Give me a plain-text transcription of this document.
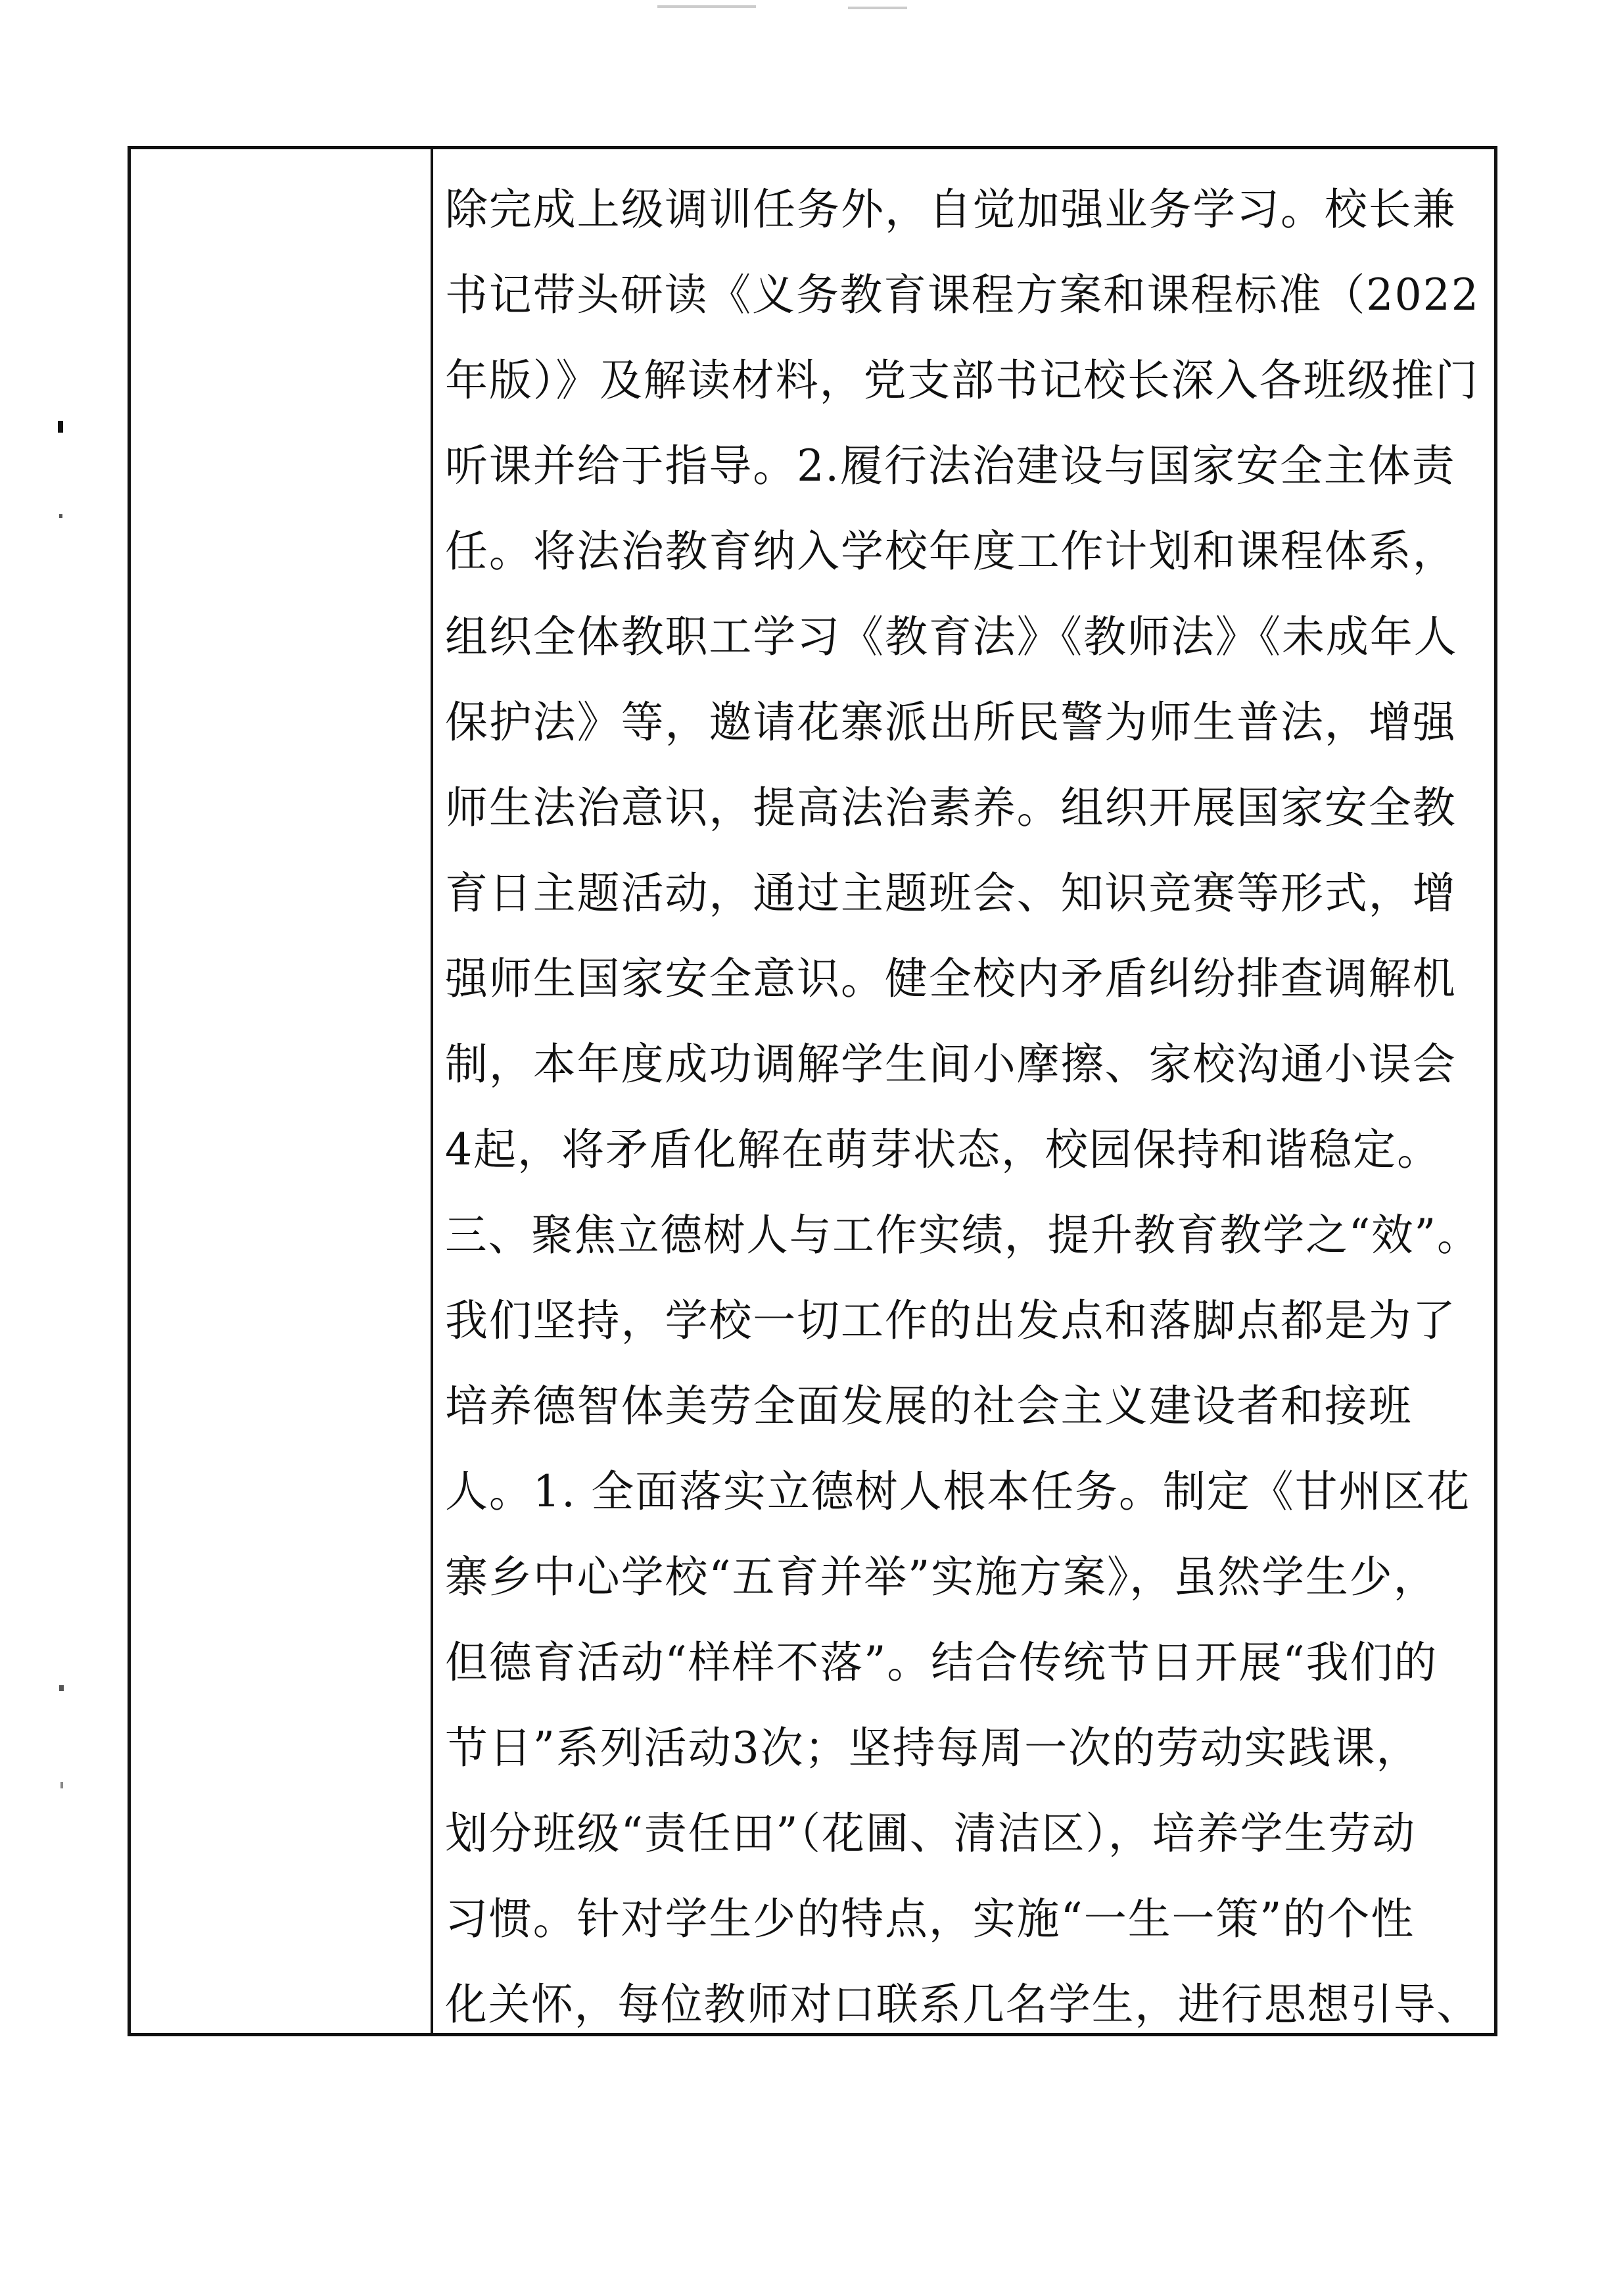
除完成上级调训任务外，自觉加强业务学习。校长兼
书记带头研读《义务教育课程方案和课程标准（2022
年版）》及解读材料，党支部书记校长深入各班级推门
听课并给于指导。2.履行法治建设与国家安全主体责
任。将法治教育纳入学校年度工作计划和课程体系，
组织全体教职工学习《教育法》《教师法》《未成年人
保护法》等，邀请花寨派出所民警为师生普法，增强
师生法治意识，提高法治素养。组织开展国家安全教
育日主题活动，通过主题班会、知识竞赛等形式，增
强师生国家安全意识。健全校内矛盾纠纷排查调解机
制，本年度成功调解学生间小摩擦、家校沟通小误会
4起，将矛盾化解在萌芽状态，校园保持和谐稳定。
三、聚焦立德树人与工作实绩，提升教育教学之“效”。
我们坚持，学校一切工作的出发点和落脚点都是为了
培养德智体美劳全面发展的社会主义建设者和接班
人。1. 全面落实立德树人根本任务。制定《甘州区花
寨乡中心学校“五育并举”实施方案》，虽然学生少，
但德育活动“样样不落”。结合传统节日开展“我们的
节日”系列活动3次；坚持每周一次的劳动实践课，
划分班级“责任田”（花圃、清洁区），培养学生劳动
习惯。针对学生少的特点，实施“一生一策”的个性
化关怀，每位教师对口联系几名学生，进行思想引导、
